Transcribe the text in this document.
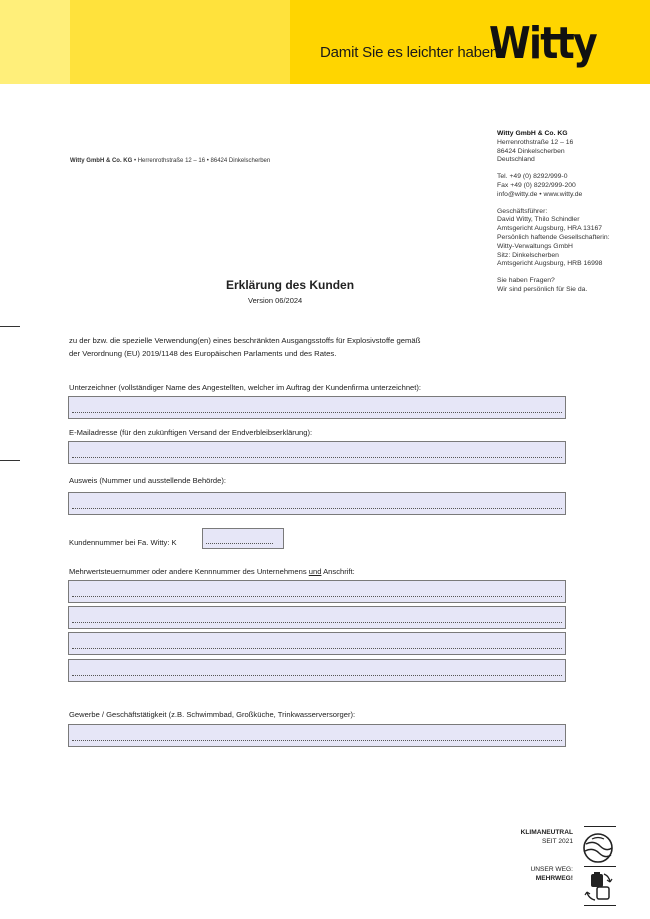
Damit Sie es leichter haben.
Witty
Witty GmbH & Co. KG • Herrenrothstraße 12 – 16 • 86424 Dinkelscherben
Witty GmbH & Co. KG
Herrenrothstraße 12 – 16
86424 Dinkelscherben
Deutschland
Tel. +49 (0) 8292/999-0
Fax +49 (0) 8292/999-200
info@witty.de • www.witty.de
Geschäftsführer:
David Witty, Thilo Schindler
Amtsgericht Augsburg, HRA 13167
Persönlich haftende Gesellschafterin:
Witty-Verwaltungs GmbH
Sitz: Dinkelscherben
Amtsgericht Augsburg, HRB 16998
Sie haben Fragen?
Wir sind persönlich für Sie da.
Erklärung des Kunden
Version 06/2024
zu der bzw. die spezielle Verwendung(en) eines beschränkten Ausgangsstoffs für Explosivstoffe gemäß
der Verordnung (EU) 2019/1148 des Europäischen Parlaments und des Rates.
Unterzeichner (vollständiger Name des Angestellten, welcher im Auftrag der Kundenfirma unterzeichnet):
E-Mailadresse (für den zukünftigen Versand der Endverbleibserklärung):
Ausweis (Nummer und ausstellende Behörde):
Kundennummer bei Fa. Witty: K
Mehrwertsteuernummer oder andere Kennnummer des Unternehmens und Anschrift:
Gewerbe / Geschäftstätigkeit (z.B. Schwimmbad, Großküche, Trinkwasserversorger):
KLIMANEUTRAL
SEIT 2021
UNSER WEG:
MEHRWEG!
